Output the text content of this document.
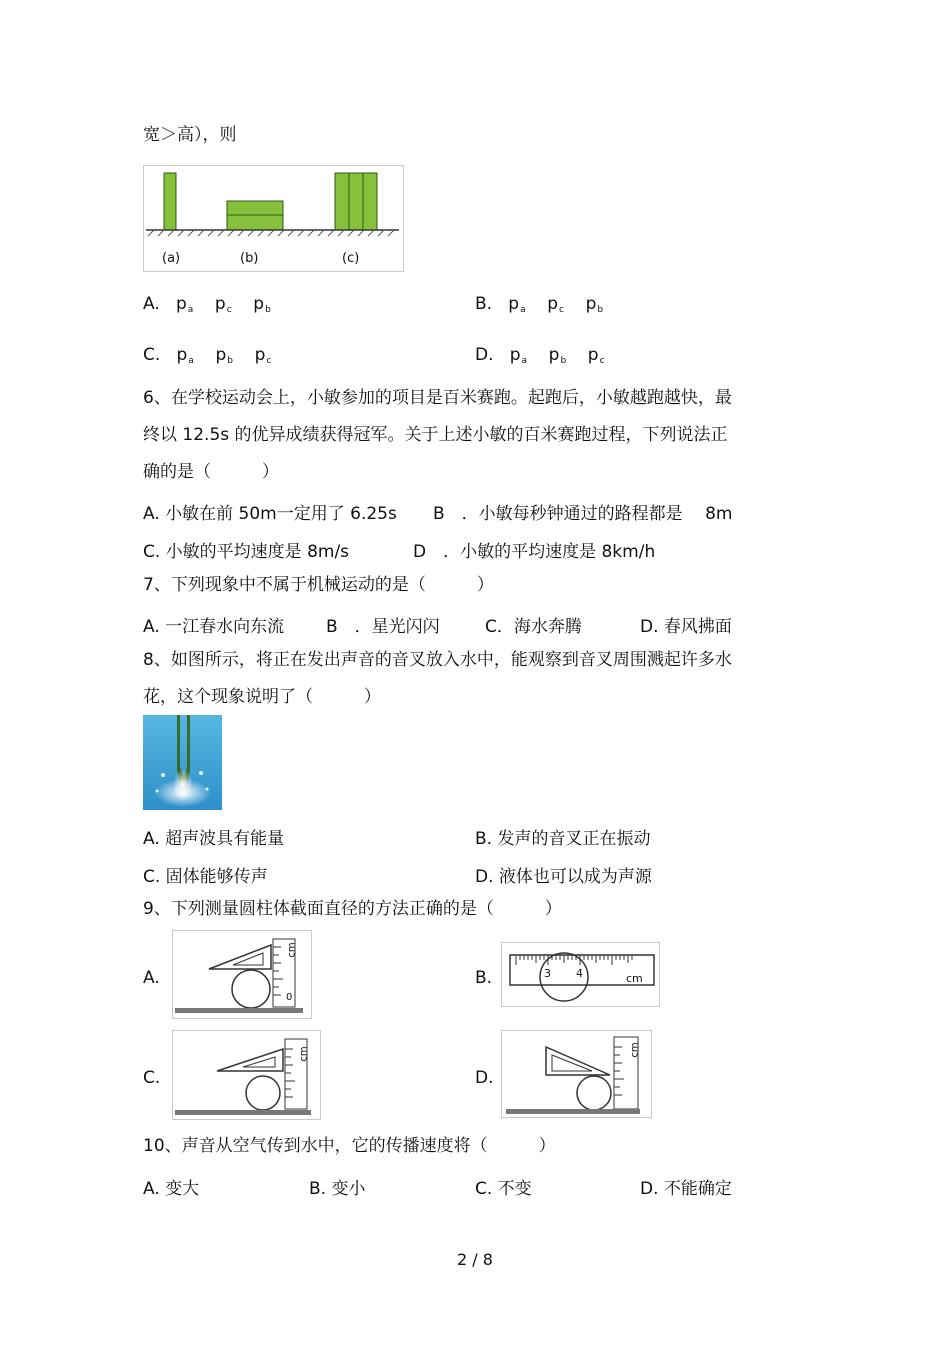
宽＞高），则
(a)	(b)	(c)
A. $p_a$ $p_c$ $p_b$	B. $p_a$ $p_c$ $p_b$
C. $p_a$ $p_b$ $p_c$	D. $p_a$ $p_b$ $p_c$
6、在学校运动会上，小敏参加的项目是百米赛跑。起跑后，小敏越跑越快，最
终以 12.5s 的优异成绩获得冠军。关于上述小敏的百米赛跑过程，下列说法正
确的是（　　　）
A. 小敏在前 50m一定用了 6.25s B　．小敏每秒钟通过的路程都是　 8m
C. 小敏的平均速度是 8m/s	D　．小敏的平均速度是 8km/h
7、下列现象中不属于机械运动的是（　　　）
A. 一江春水向东流 B　．星光闪闪	C．海水奔腾	D. 春风拂面
8、如图所示，将正在发出声音的音叉放入水中，能观察到音叉周围溅起许多水
花，这个现象说明了（　　　）
A. 超声波具有能量	B. 发声的音叉正在振动
C. 固体能够传声	D. 液体也可以成为声源
9、下列测量圆柱体截面直径的方法正确的是（　　　）
A.
cm
0
B.	3 4	cm
C.
cm
D.
cm
10、声音从空气传到水中，它的传播速度将（　　　）
A. 变大	B. 变小	C. 不变	D. 不能确定
2 / 8
